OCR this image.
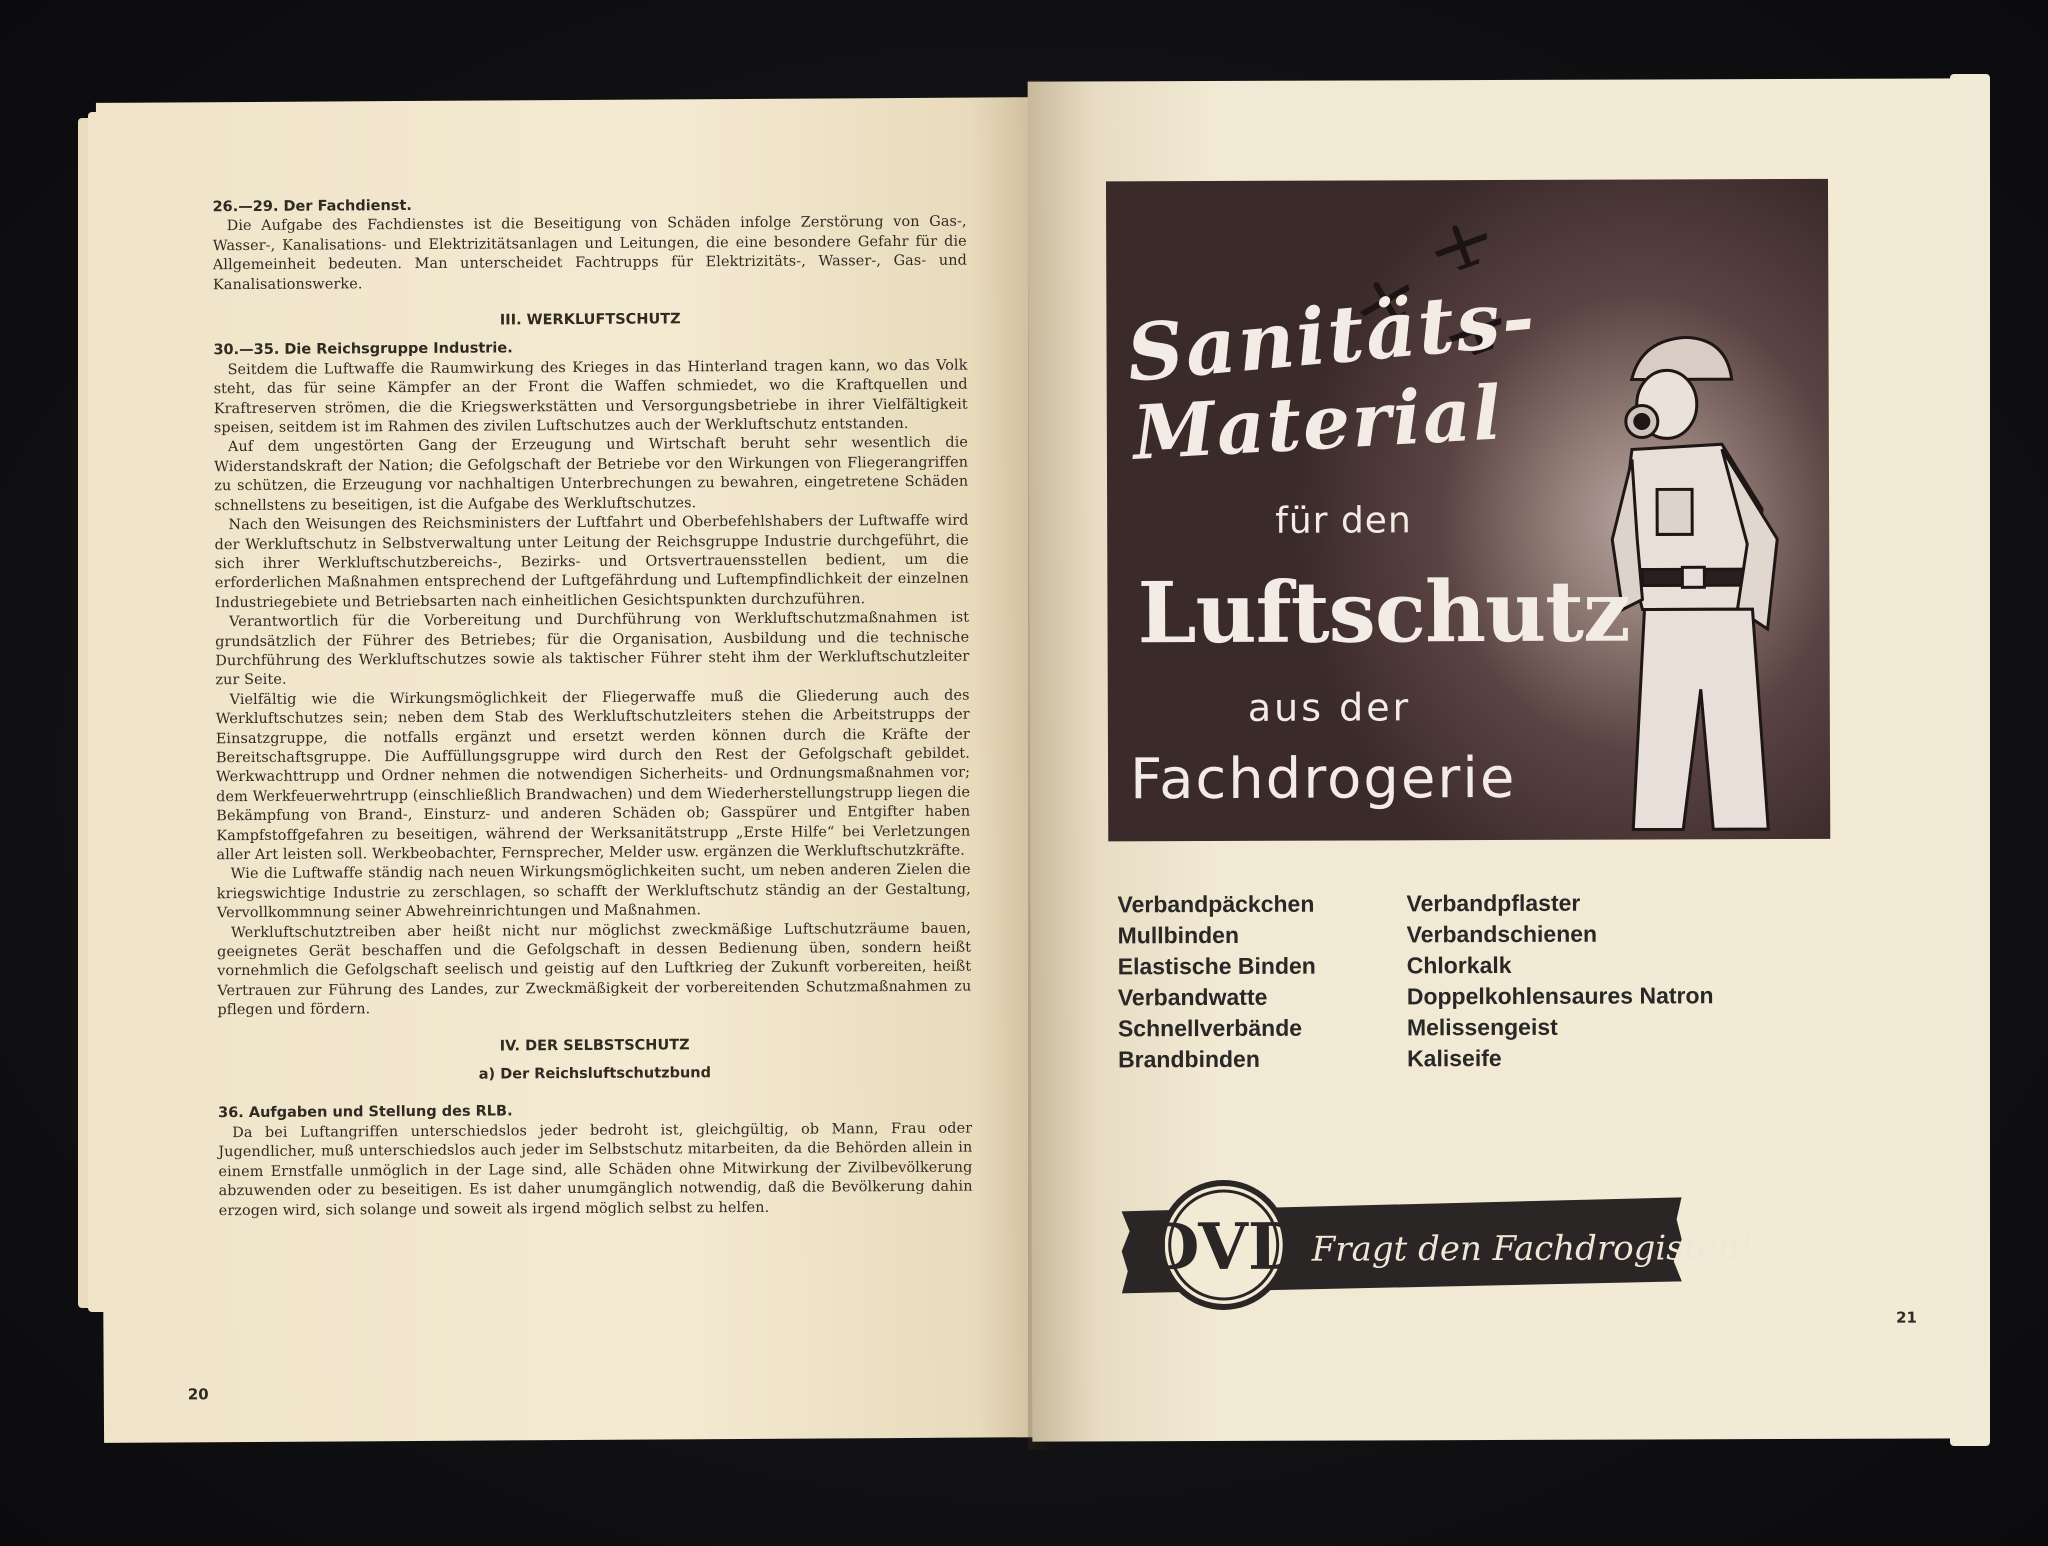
26.—29. Der Fachdienst.

Die Aufgabe des Fachdienstes ist die Beseitigung von Schäden infolge Zerstörung von Gas-, Wasser-, Kanalisations- und Elektrizitätsanlagen und Leitungen, die eine besondere Gefahr für die Allgemeinheit bedeuten. Man unterscheidet Fachtrupps für Elektrizitäts-, Wasser-, Gas- und Kanalisationswerke.

III. WERKLUFTSCHUTZ
30.—35. Die Reichsgruppe Industrie.

Seitdem die Luftwaffe die Raumwirkung des Krieges in das Hinterland tragen kann, wo das Volk steht, das für seine Kämpfer an der Front die Waffen schmiedet, wo die Kraftquellen und Kraftreserven strömen, die die Kriegswerkstätten und Versorgungsbetriebe in ihrer Vielfältigkeit speisen, seitdem ist im Rahmen des zivilen Luftschutzes auch der Werkluftschutz entstanden.

Auf dem ungestörten Gang der Erzeugung und Wirtschaft beruht sehr wesentlich die Widerstandskraft der Nation; die Gefolgschaft der Betriebe vor den Wirkungen von Fliegerangriffen zu schützen, die Erzeugung vor nachhaltigen Unterbrechungen zu bewahren, eingetretene Schäden schnellstens zu beseitigen, ist die Aufgabe des Werkluftschutzes.

Nach den Weisungen des Reichsministers der Luftfahrt und Oberbefehlshabers der Luftwaffe wird der Werkluftschutz in Selbstverwaltung unter Leitung der Reichsgruppe Industrie durchgeführt, die sich ihrer Werkluftschutzbereichs-, Bezirks- und Ortsvertrauensstellen bedient, um die erforderlichen Maßnahmen entsprechend der Luftgefährdung und Luftempfindlichkeit der einzelnen Industriegebiete und Betriebsarten nach einheitlichen Gesichtspunkten durchzuführen.

Verantwortlich für die Vorbereitung und Durchführung von Werkluftschutzmaßnahmen ist grundsätzlich der Führer des Betriebes; für die Organisation, Ausbildung und die technische Durchführung des Werkluftschutzes sowie als taktischer Führer steht ihm der Werkluftschutzleiter zur Seite.

Vielfältig wie die Wirkungsmöglichkeit der Fliegerwaffe muß die Gliederung auch des Werkluftschutzes sein; neben dem Stab des Werkluftschutzleiters stehen die Arbeitstrupps der Einsatzgruppe, die notfalls ergänzt und ersetzt werden können durch die Kräfte der Bereitschaftsgruppe. Die Auffüllungsgruppe wird durch den Rest der Gefolgschaft gebildet. Werkwachttrupp und Ordner nehmen die notwendigen Sicherheits- und Ordnungsmaßnahmen vor; dem Werkfeuerwehrtrupp (einschließlich Brandwachen) und dem Wiederherstellungstrupp liegen die Bekämpfung von Brand-, Einsturz- und anderen Schäden ob; Gasspürer und Entgifter haben Kampfstoffgefahren zu beseitigen, während der Werksanitätstrupp „Erste Hilfe“ bei Verletzungen aller Art leisten soll. Werkbeobachter, Fernsprecher, Melder usw. ergänzen die Werkluftschutzkräfte.

Wie die Luftwaffe ständig nach neuen Wirkungsmöglichkeiten sucht, um neben anderen Zielen die kriegswichtige Industrie zu zerschlagen, so schafft der Werkluftschutz ständig an der Gestaltung, Vervollkommnung seiner Abwehreinrichtungen und Maßnahmen.

Werkluftschutztreiben aber heißt nicht nur möglichst zweckmäßige Luftschutzräume bauen, geeignetes Gerät beschaffen und die Gefolgschaft in dessen Bedienung üben, sondern heißt vornehmlich die Gefolgschaft seelisch und geistig auf den Luftkrieg der Zukunft vorbereiten, heißt Vertrauen zur Führung des Landes, zur Zweckmäßigkeit der vorbereitenden Schutzmaßnahmen zu pflegen und fördern.

IV. DER SELBSTSCHUTZ
a) Der Reichsluftschutzbund
36. Aufgaben und Stellung des RLB.

Da bei Luftangriffen unterschiedslos jeder bedroht ist, gleichgültig, ob Mann, Frau oder Jugendlicher, muß unterschiedslos auch jeder im Selbstschutz mitarbeiten, da die Behörden allein in einem Ernstfalle unmöglich in der Lage sind, alle Schäden ohne Mitwirkung der Zivilbevölkerung abzuwenden oder zu beseitigen. Es ist daher unumgänglich notwendig, daß die Bevölkerung dahin erzogen wird, sich solange und soweit als irgend möglich selbst zu helfen.

20
Sanitäts-
Material
für den
Luftschutz
aus der
Fachdrogerie
Verbandpäckchen
Mullbinden
Elastische Binden
Verbandwatte
Schnellverbände
Brandbinden
Verbandpflaster
Verbandschienen
Chlorkalk
Doppelkohlensaures Natron
Melissengeist
Kaliseife
DVD Fragt den Fachdrogisten!
21
